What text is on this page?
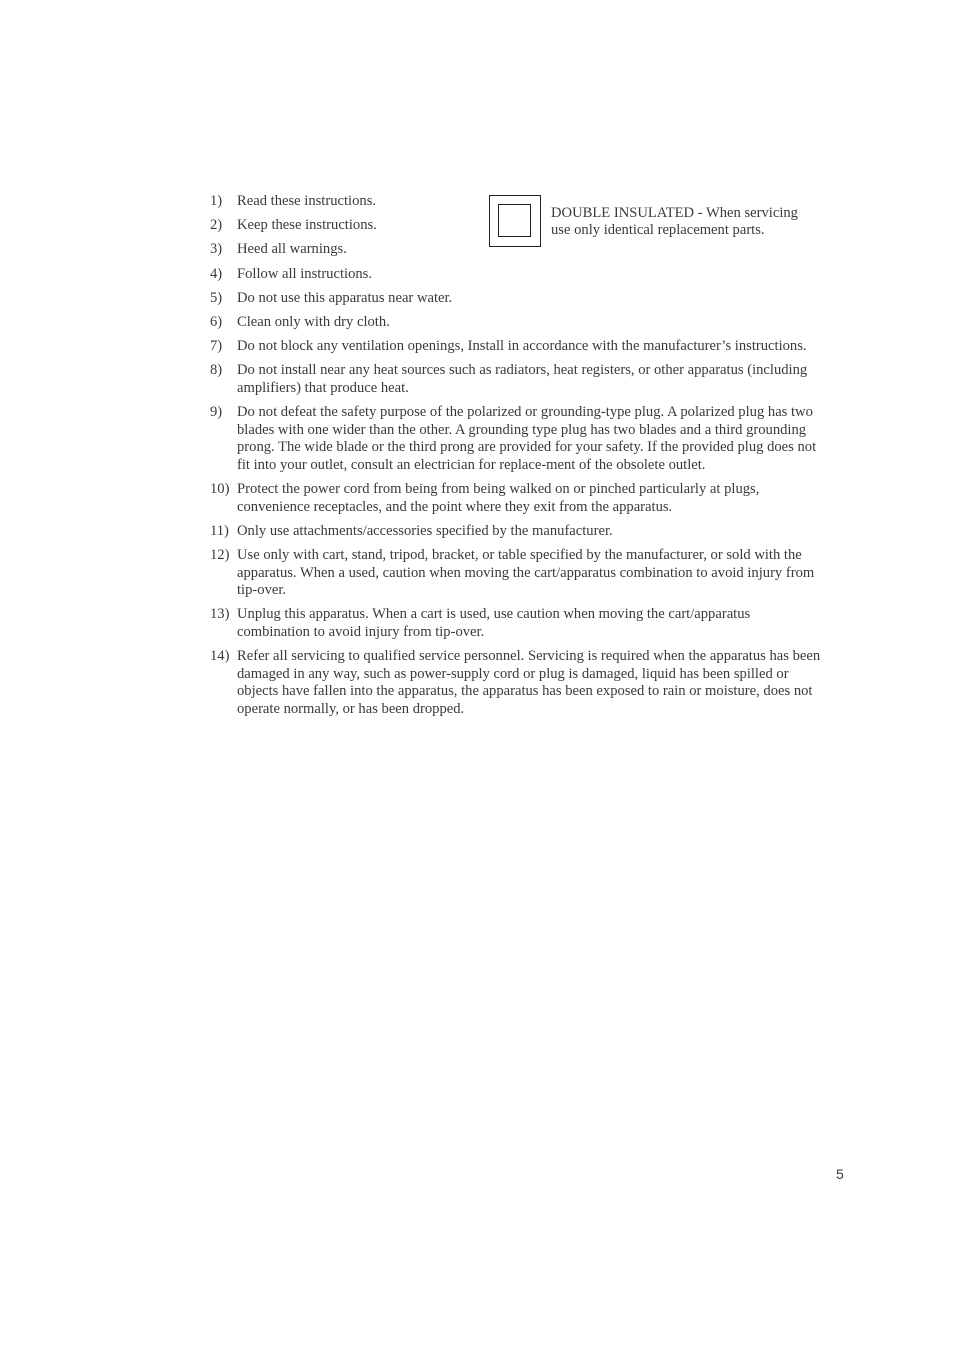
1)	Read these instructions.
2)	Keep these instructions.
3)	Heed all warnings.
4)	Follow all instructions.
5)	Do not use this apparatus near water.
6)	Clean only with dry cloth.
7)	Do not block any ventilation openings, Install in accordance with the manufacturer’s instructions.
8)	Do not install near any heat sources such as radiators, heat registers, or other apparatus (including amplifiers) that produce heat.
9)	Do not defeat the safety purpose of the polarized or grounding-type plug. A polarized plug has two blades with one wider than the other. A grounding type plug has two blades and a third grounding prong. The wide blade or the third prong are provided for your safety. If the provided plug does not fit into your outlet, consult an electrician for replace-ment of the obsolete outlet.
10) Protect the power cord from being from being walked on or pinched particularly at plugs, convenience receptacles, and the point where they exit from the apparatus.
11) Only use attachments/accessories specified by the manufacturer.
12) Use only with cart, stand, tripod, bracket, or table specified by the manufacturer, or sold with the apparatus. When a used, caution when moving the cart/apparatus combination to avoid injury from tip-over.
13) Unplug this apparatus. When a cart is used, use caution when moving the cart/apparatus combination to avoid injury from tip-over.
14) Refer all servicing to qualified service personnel. Servicing is required when the apparatus has been damaged in any way, such as power-supply cord or plug is damaged, liquid has been spilled or objects have fallen into the apparatus, the apparatus has been exposed to rain or moisture, does not operate normally, or has been dropped.

DOUBLE INSULATED - When servicing use only identical replacement parts.

5
